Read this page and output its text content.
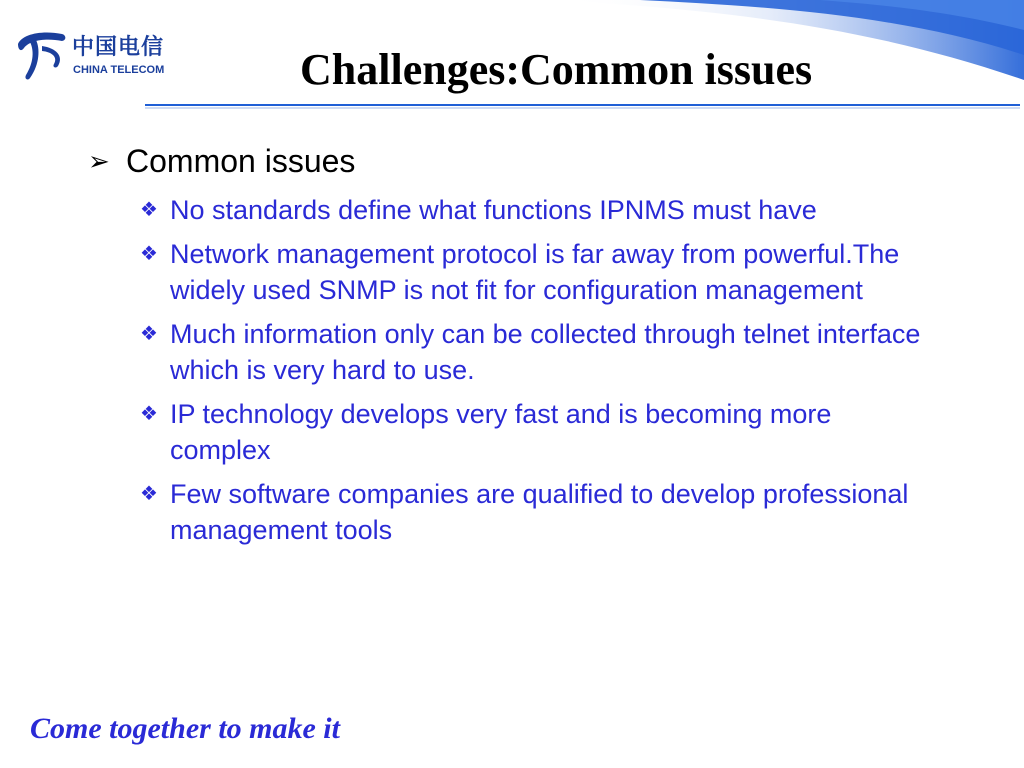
中国电信
CHINA TELECOM	Challenges:Common issues
➢ Common issues
❖ No standards define what functions IPNMS must have
❖ Network management protocol is far away from powerful.The widely used SNMP is not fit for configuration management
❖ Much information only can be collected through telnet interface which is very hard to use.
❖ IP technology develops very fast and is becoming more complex
❖ Few software companies are qualified to develop professional management tools
Come together to make it
